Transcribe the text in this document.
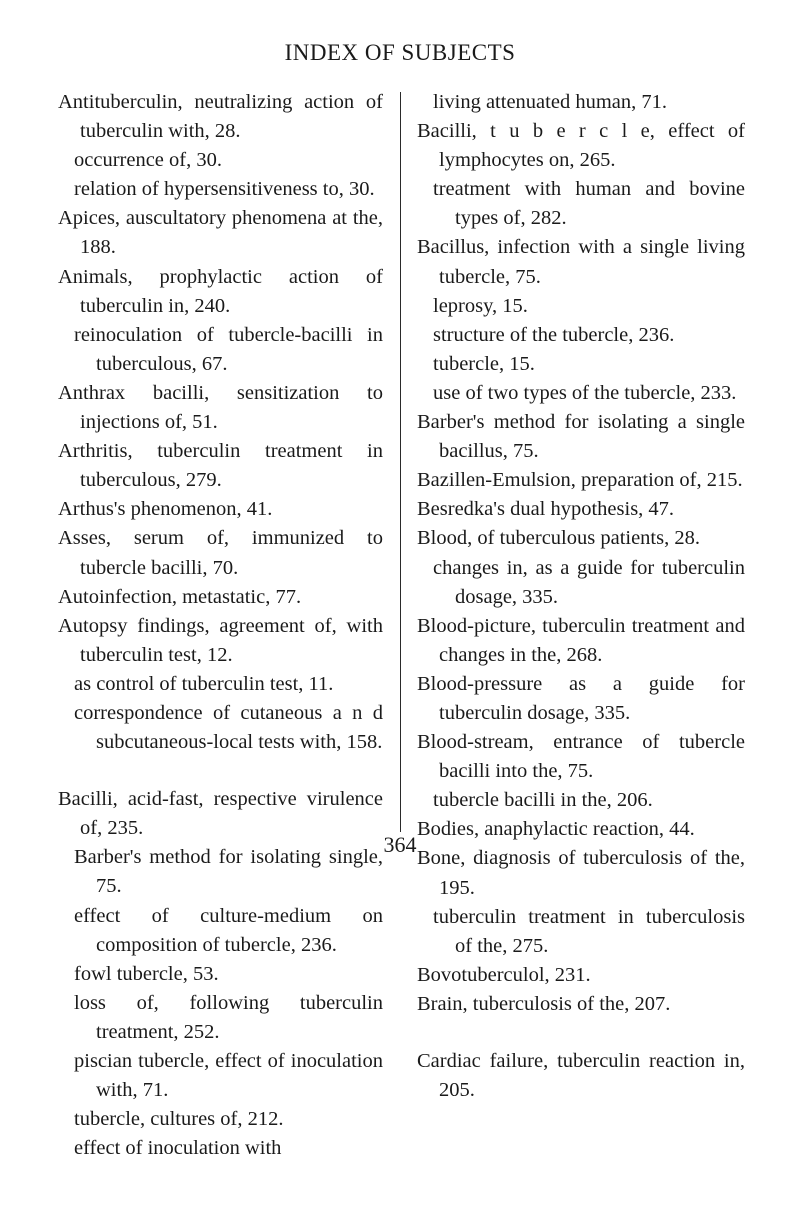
INDEX OF SUBJECTS
Antituberculin, neutralizing action of tuberculin with, 28.
occurrence of, 30.
relation of hypersensitiveness to, 30.
Apices, auscultatory phenomena at the, 188.
Animals, prophylactic action of tuberculin in, 240.
reinoculation of tubercle-bacilli in tuberculous, 67.
Anthrax bacilli, sensitization to injections of, 51.
Arthritis, tuberculin treatment in tuberculous, 279.
Arthus's phenomenon, 41.
Asses, serum of, immunized to tubercle bacilli, 70.
Autoinfection, metastatic, 77.
Autopsy findings, agreement of, with tuberculin test, 12.
as control of tuberculin test, 11.
correspondence of cutaneous a n d subcutaneous-local tests with, 158.
Bacilli, acid-fast, respective virulence of, 235.
Barber's method for isolating single, 75.
effect of culture-medium on composition of tubercle, 236.
fowl tubercle, 53.
loss of, following tuberculin treatment, 252.
piscian tubercle, effect of inoculation with, 71.
tubercle, cultures of, 212.
effect of inoculation with
living attenuated human, 71.
Bacilli, t u b e r c l e, effect of lymphocytes on, 265.
treatment with human and bovine types of, 282.
Bacillus, infection with a single living tubercle, 75.
leprosy, 15.
structure of the tubercle, 236.
tubercle, 15.
use of two types of the tubercle, 233.
Barber's method for isolating a single bacillus, 75.
Bazillen-Emulsion, preparation of, 215.
Besredka's dual hypothesis, 47.
Blood, of tuberculous patients, 28.
changes in, as a guide for tuberculin dosage, 335.
Blood-picture, tuberculin treatment and changes in the, 268.
Blood-pressure as a guide for tuberculin dosage, 335.
Blood-stream, entrance of tubercle bacilli into the, 75.
tubercle bacilli in the, 206.
Bodies, anaphylactic reaction, 44.
Bone, diagnosis of tuberculosis of the, 195.
tuberculin treatment in tuberculosis of the, 275.
Bovotuberculol, 231.
Brain, tuberculosis of the, 207.
Cardiac failure, tuberculin reaction in, 205.
364
